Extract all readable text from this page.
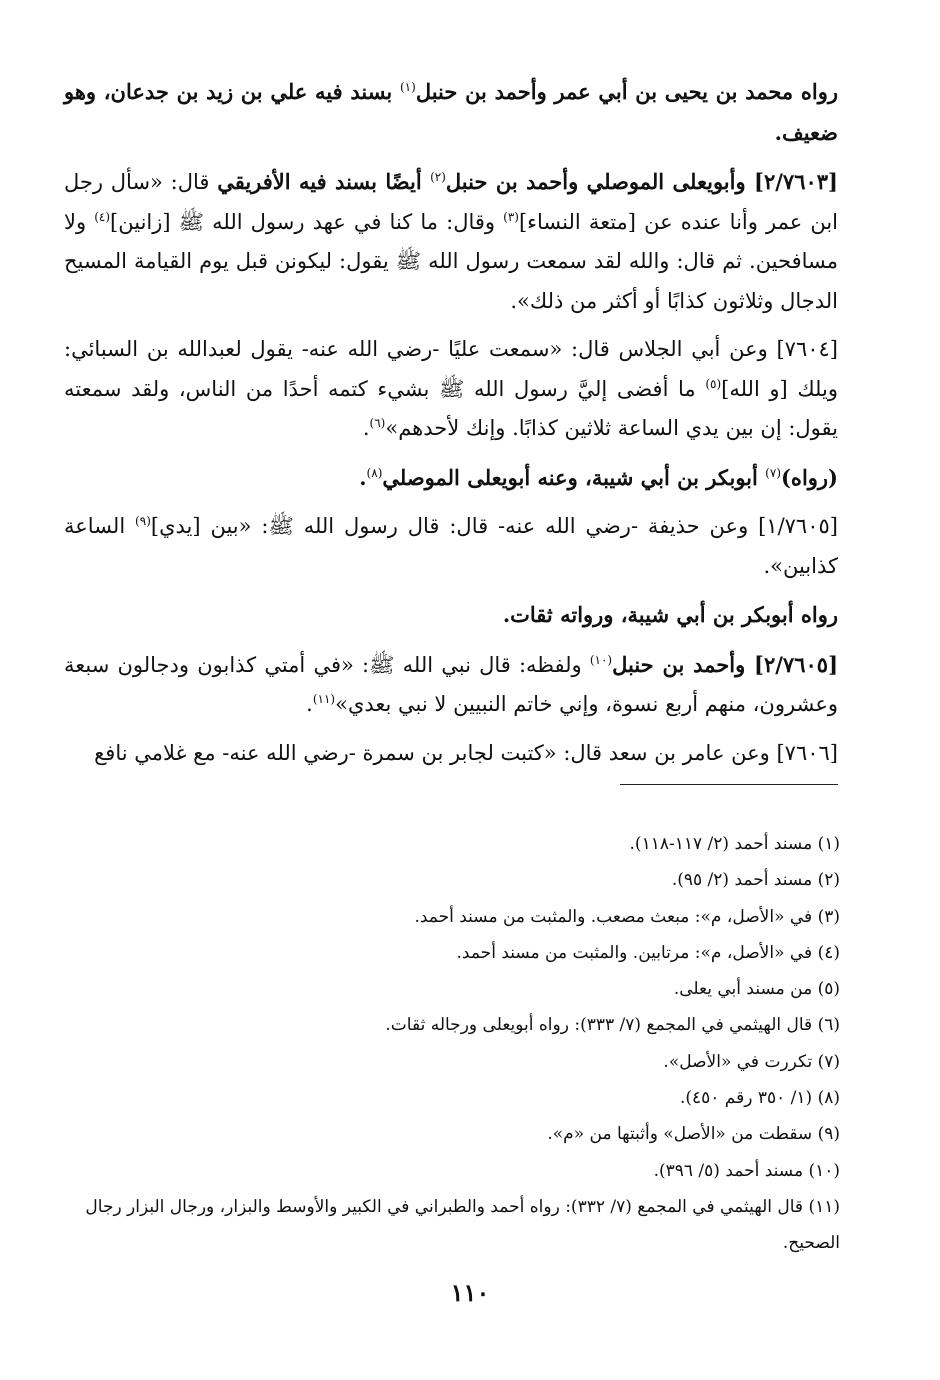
رواه محمد بن يحيى بن أبي عمر وأحمد بن حنبل$^{(١)}$ بسند فيه علي بن زيد بن جدعان، وهو ضعيف.

[٢/٧٦٠٣] وأبويعلى الموصلي وأحمد بن حنبل$^{(٢)}$ أيضًا بسند فيه الأفريقي قال: «سأل رجل ابن عمر وأنا عنده عن [متعة النساء]$^{(٣)}$ وقال: ما كنا في عهد رسول الله ﷺ [زانين]$^{(٤)}$ ولا مسافحين. ثم قال: والله لقد سمعت رسول الله ﷺ يقول: ليكونن قبل يوم القيامة المسيح الدجال وثلاثون كذابًا أو أكثر من ذلك».

[٧٦٠٤] وعن أبي الجلاس قال: «سمعت عليًا -رضي الله عنه- يقول لعبدالله بن السبائي: ويلك [و الله]$^{(٥)}$ ما أفضى إليَّ رسول الله ﷺ بشيء كتمه أحدًا من الناس، ولقد سمعته يقول: إن بين يدي الساعة ثلاثين كذابًا. وإنك لأحدهم»$^{(٦)}$.

(رواه)$^{(٧)}$ أبوبكر بن أبي شيبة، وعنه أبويعلى الموصلي$^{(٨)}$.

[١/٧٦٠٥] وعن حذيفة -رضي الله عنه- قال: قال رسول الله ﷺ: «بين [يدي]$^{(٩)}$ الساعة كذابين».

رواه أبوبكر بن أبي شيبة، ورواته ثقات.

[٢/٧٦٠٥] وأحمد بن حنبل$^{(١٠)}$ ولفظه: قال نبي الله ﷺ: «في أمتي كذابون ودجالون سبعة وعشرون، منهم أربع نسوة، وإني خاتم النبيين لا نبي بعدي»$^{(١١)}$.

[٧٦٠٦] وعن عامر بن سعد قال: «كتبت لجابر بن سمرة -رضي الله عنه- مع غلامي نافع

(١) مسند أحمد (٢/ ١١٧-١١٨).

(٢) مسند أحمد (٢/ ٩٥).

(٣) في «الأصل، م»: مبعث مصعب. والمثبت من مسند أحمد.

(٤) في «الأصل، م»: مرتابين. والمثبت من مسند أحمد.

(٥) من مسند أبي يعلى.

(٦) قال الهيثمي في المجمع (٧/ ٣٣٣): رواه أبويعلى ورجاله ثقات.

(٧) تكررت في «الأصل».

(٨) (١/ ٣٥٠ رقم ٤٥٠).

(٩) سقطت من «الأصل» وأثبتها من «م».

(١٠) مسند أحمد (٥/ ٣٩٦).

(١١) قال الهيثمي في المجمع (٧/ ٣٣٢): رواه أحمد والطبراني في الكبير والأوسط والبزار، ورجال البزار رجال الصحيح.

١١٠
